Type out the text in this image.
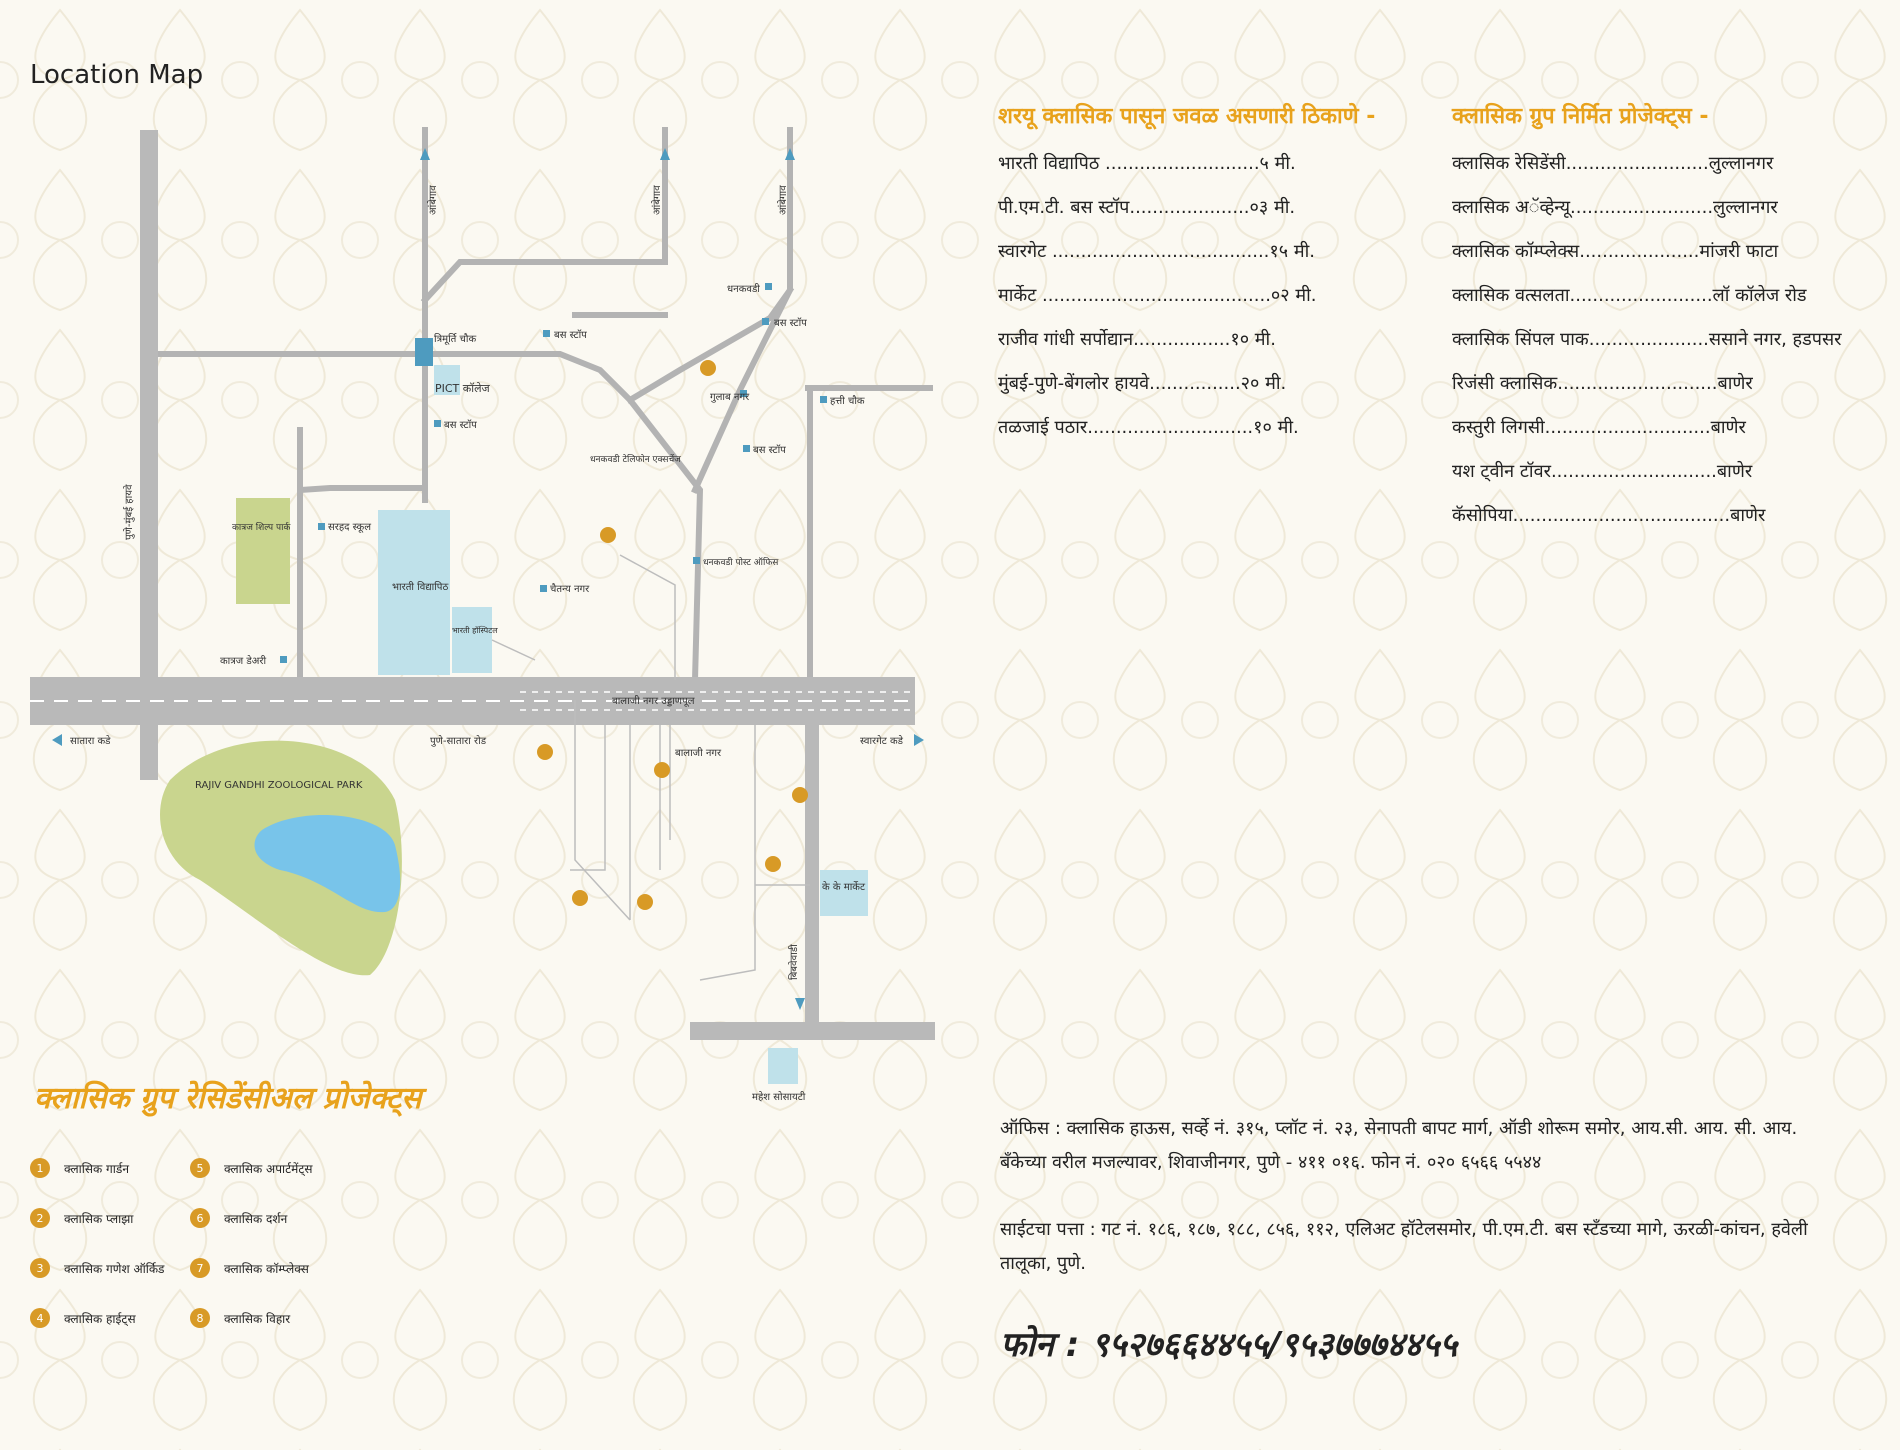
Location Map
RAJIV GANDHI ZOOLOGICAL PARK
PICT कॉलेज
त्रिमूर्ति चौक	बस स्टॉप
बस स्टॉप
बस स्टॉप
बस स्टॉप
धनकवडी
गुलाब नगर	हत्ती चौक
धनकवडी टेलिफोन एक्सचेंज
धनकवडी पोस्ट ऑफिस
भारती विद्यापिठ
भारती हॉस्पिटल
सरहद स्कूल
कात्रज शिल्प पार्क
चैतन्य नगर
कात्रज डेअरी
पुणे-मुंबई हायवे
सातारा कडे	पुणे-सातारा रोड	स्वारगेट कडे
बालाजी नगर उड्डाणपूल
बालाजी नगर
के के मार्केट
बिबवेवाडी
महेश सोसायटी
आंबेगाव	आंबेगाव	आंबेगाव
शरयू क्लासिक पासून जवळ असणारी ठिकाणे -
भारती विद्यापिठ ...........................५ मी.
पी.एम.टी. बस स्टॉप.....................०३ मी.
स्वारगेट ......................................१५ मी.
मार्केट ........................................०२ मी.
राजीव गांधी सर्पोद्यान.................१० मी.
मुंबई-पुणे-बेंगलोर हायवे................२० मी.
तळजाई पठार.............................१० मी.
क्लासिक ग्रुप निर्मित प्रोजेक्ट्स -
क्लासिक रेसिडेंसी.........................लुल्लानगर
क्लासिक अॅव्हेन्यू.........................लुल्लानगर
क्लासिक कॉम्प्लेक्स.....................मांजरी फाटा
क्लासिक वत्सलता.........................लॉ कॉलेज रोड
क्लासिक सिंपल पाक.....................ससाने नगर, हडपसर
रिजंसी क्लासिक............................बाणेर
कस्तुरी लिगसी.............................बाणेर
यश ट्वीन टॉवर.............................बाणेर
कॅसोपिया......................................बाणेर
क्लासिक ग्रुप रेसिडेंसीअल प्रोजेक्ट्स
1	क्लासिक गार्डन
2	क्लासिक प्लाझा
3	क्लासिक गणेश ऑर्किड
4	क्लासिक हाईट्स
5	क्लासिक अपार्टमेंट्स
6	क्लासिक दर्शन
7	क्लासिक कॉम्प्लेक्स
8	क्लासिक विहार
ऑफिस : क्लासिक हाऊस, सर्व्हे नं. ३१५, प्लॉट नं. २३, सेनापती बापट मार्ग, ऑडी शोरूम समोर, आय.सी. आय. सी. आय. बँकेच्या वरील मजल्यावर, शिवाजीनगर, पुणे - ४११ ०१६. फोन नं. ०२० ६५६६ ५५४४
साईटचा पत्ता : गट नं. १८६, १८७, १८८, ८५६, ११२, एलिअट हॉटेलसमोर, पी.एम.टी. बस स्टँडच्या मागे, ऊरळी-कांचन, हवेली तालूका, पुणे.
फोन : ९५२७६६४४५५/९५३७७७४४५५
